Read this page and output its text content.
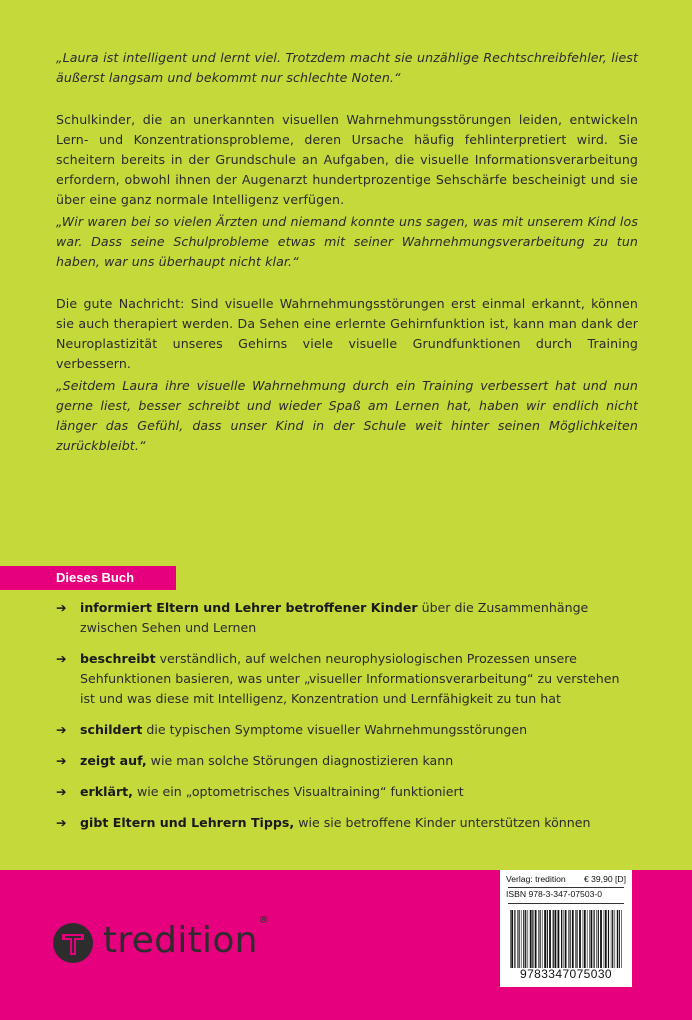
„Laura ist intelligent und lernt viel. Trotzdem macht sie unzählige Rechtschreibfehler, liest äußerst langsam und bekommt nur schlechte Noten.“
Schulkinder, die an unerkannten visuellen Wahrnehmungsstörungen leiden, entwickeln Lern- und Konzentrationsprobleme, deren Ursache häufig fehlinterpretiert wird. Sie scheitern bereits in der Grundschule an Aufgaben, die visuelle Informationsverarbeitung erfordern, obwohl ihnen der Augenarzt hundertprozentige Sehschärfe bescheinigt und sie über eine ganz normale Intelligenz verfügen.
„Wir waren bei so vielen Ärzten und niemand konnte uns sagen, was mit unserem Kind los war. Dass seine Schulprobleme etwas mit seiner Wahrnehmungsverarbeitung zu tun haben, war uns überhaupt nicht klar.“
Die gute Nachricht: Sind visuelle Wahrnehmungsstörungen erst einmal erkannt, können sie auch therapiert werden. Da Sehen eine erlernte Gehirnfunktion ist, kann man dank der Neuroplastizität unseres Gehirns viele visuelle Grundfunktionen durch Training verbessern.
„Seitdem Laura ihre visuelle Wahrnehmung durch ein Training verbessert hat und nun gerne liest, besser schreibt und wieder Spaß am Lernen hat, haben wir endlich nicht länger das Gefühl, dass unser Kind in der Schule weit hinter seinen Möglichkeiten zurückbleibt.“
Dieses Buch
➔	informiert Eltern und Lehrer betroffener Kinder über die Zusammenhänge zwischen Sehen und Lernen
➔	beschreibt verständlich, auf welchen neurophysiologischen Prozessen unsere Sehfunktionen basieren, was unter „visueller Informationsverarbeitung“ zu verstehen ist und was diese mit Intelligenz, Konzentration und Lernfähigkeit zu tun hat
➔	schildert die typischen Symptome visueller Wahrnehmungsstörungen
➔	zeigt auf, wie man solche Störungen diagnostizieren kann
➔	erklärt, wie ein „optometrisches Visualtraining“ funktioniert
➔	gibt Eltern und Lehrern Tipps, wie sie betroffene Kinder unterstützen können
tredition®
Verlag: tredition € 39,90 [D]
ISBN 978-3-347-07503-0
9783347075030
